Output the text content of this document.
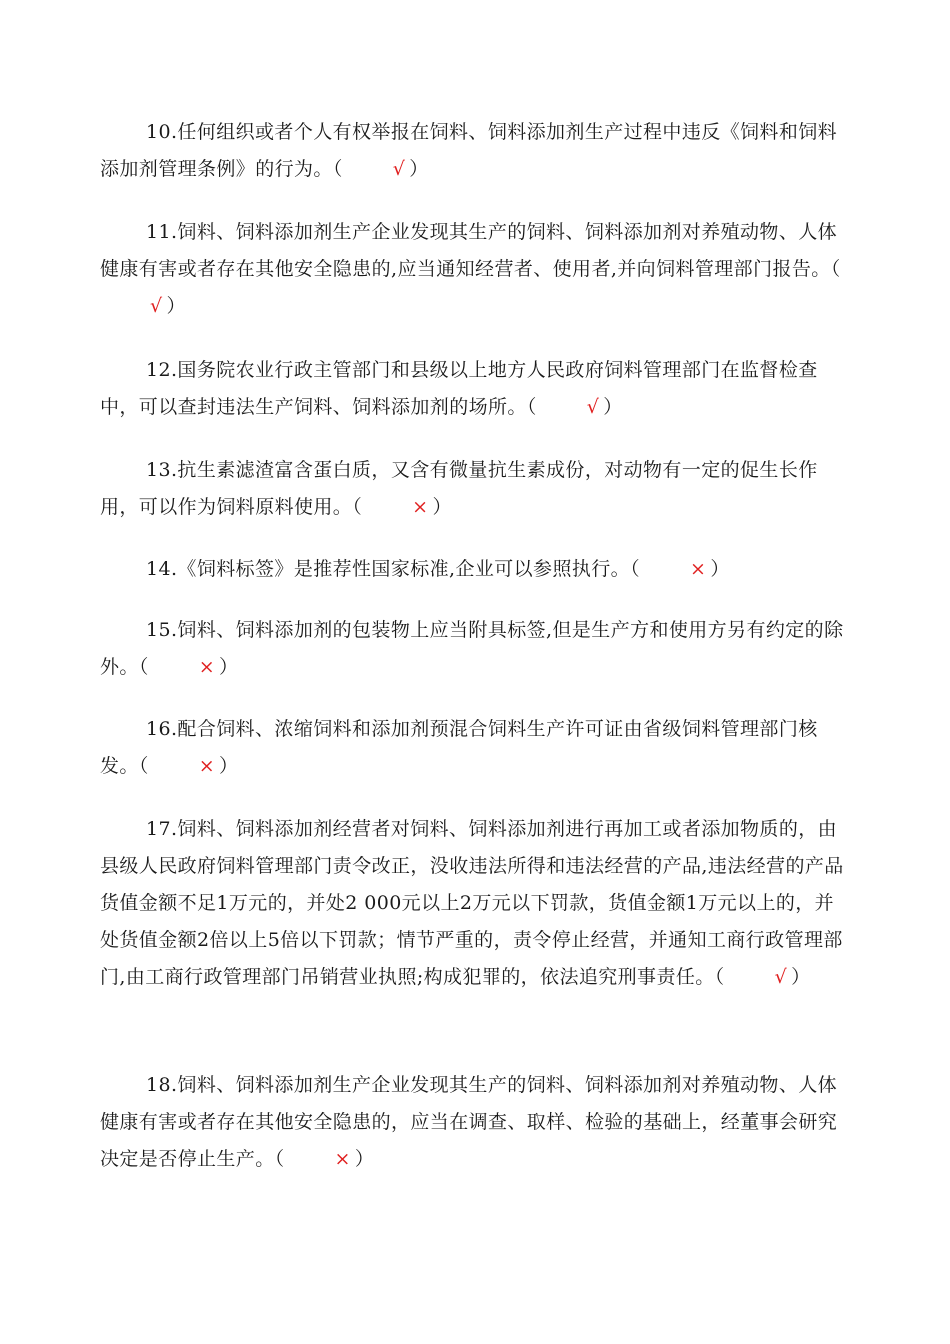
10.任何组织或者个人有权举报在饲料、饲料添加剂生产过程中违反《饲料和饲料添加剂管理条例》的行为。（	√ ）

11.饲料、饲料添加剂生产企业发现其生产的饲料、饲料添加剂对养殖动物、人体健康有害或者存在其他安全隐患的,应当通知经营者、使用者,并向饲料管理部门报告。（√ ）

12.国务院农业行政主管部门和县级以上地方人民政府饲料管理部门在监督检查中，可以查封违法生产饲料、饲料添加剂的场所。（	√ ）

13.抗生素滤渣富含蛋白质，又含有微量抗生素成份，对动物有一定的促生长作用，可以作为饲料原料使用。（	× ）

14.《饲料标签》是推荐性国家标准,企业可以参照执行。（	× ）

15.饲料、饲料添加剂的包装物上应当附具标签,但是生产方和使用方另有约定的除外。（	× ）

16.配合饲料、浓缩饲料和添加剂预混合饲料生产许可证由省级饲料管理部门核发。（	× ）

17.饲料、饲料添加剂经营者对饲料、饲料添加剂进行再加工或者添加物质的，由县级人民政府饲料管理部门责令改正，没收违法所得和违法经营的产品,违法经营的产品货值金额不足1万元的，并处2 000元以上2万元以下罚款，货值金额1万元以上的，并处货值金额2倍以上5倍以下罚款；情节严重的，责令停止经营，并通知工商行政管理部门,由工商行政管理部门吊销营业执照;构成犯罪的，依法追究刑事责任。（	√ ）

18.饲料、饲料添加剂生产企业发现其生产的饲料、饲料添加剂对养殖动物、人体健康有害或者存在其他安全隐患的，应当在调查、取样、检验的基础上，经董事会研究决定是否停止生产。（	× ）
